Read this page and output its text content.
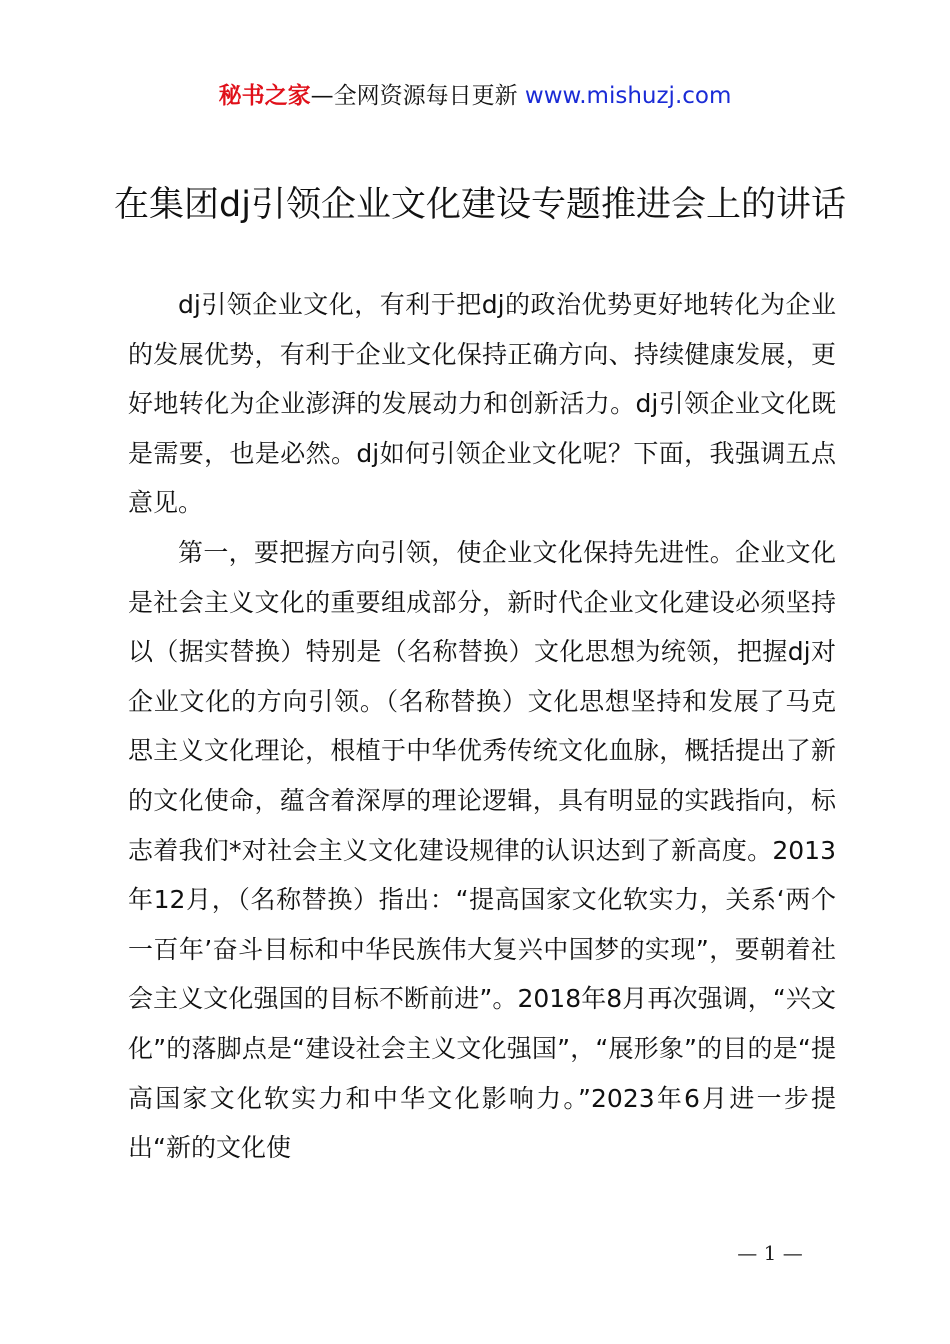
秘书之家—全网资源每日更新 www.mishuzj.com
在集团dj引领企业文化建设专题推进会上的讲话

dj引领企业文化，有利于把dj的政治优势更好地转化为企业的发展优势，有利于企业文化保持正确方向、持续健康发展，更好地转化为企业澎湃的发展动力和创新活力。dj引领企业文化既是需要，也是必然。dj如何引领企业文化呢？下面，我强调五点意见。

第一，要把握方向引领，使企业文化保持先进性。企业文化是社会主义文化的重要组成部分，新时代企业文化建设必须坚持以（据实替换）特别是（名称替换）文化思想为统领，把握dj对企业文化的方向引领。（名称替换）文化思想坚持和发展了马克思主义文化理论，根植于中华优秀传统文化血脉，概括提出了新的文化使命，蕴含着深厚的理论逻辑，具有明显的实践指向，标志着我们*对社会主义文化建设规律的认识达到了新高度。2013年12月，（名称替换）指出：“提高国家文化软实力，关系‘两个一百年’奋斗目标和中华民族伟大复兴中国梦的实现”，要朝着社会主义文化强国的目标不断前进”。2018年8月再次强调，“兴文化”的落脚点是“建设社会主义文化强国”，“展形象”的目的是“提高国家文化软实力和中华文化影响力。”2023年6月进一步提出“新的文化使

— 1 —
